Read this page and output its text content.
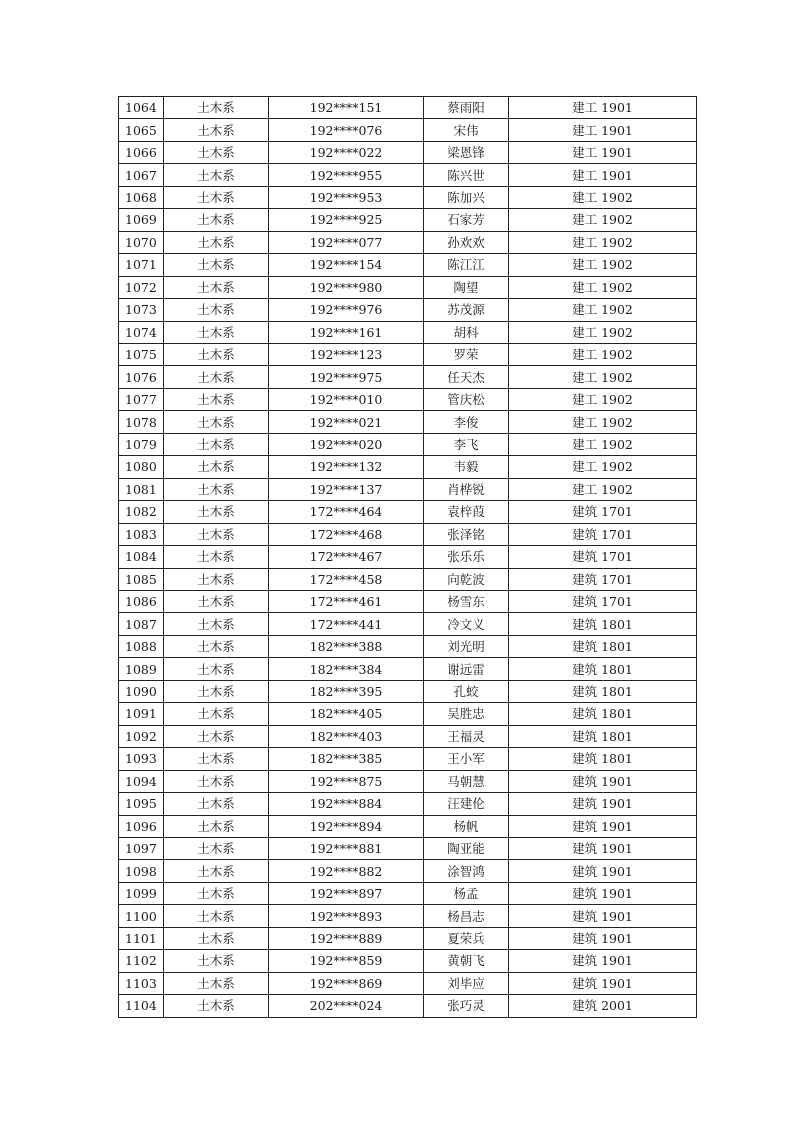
1064	土木系	192****151	蔡雨阳	建工 1901
1065	土木系	192****076	宋伟	建工 1901
1066	土木系	192****022	梁恩锋	建工 1901
1067	土木系	192****955	陈兴世	建工 1901
1068	土木系	192****953	陈加兴	建工 1902
1069	土木系	192****925	石家芳	建工 1902
1070	土木系	192****077	孙欢欢	建工 1902
1071	土木系	192****154	陈江江	建工 1902
1072	土木系	192****980	陶望	建工 1902
1073	土木系	192****976	苏茂源	建工 1902
1074	土木系	192****161	胡科	建工 1902
1075	土木系	192****123	罗荣	建工 1902
1076	土木系	192****975	任天杰	建工 1902
1077	土木系	192****010	管庆松	建工 1902
1078	土木系	192****021	李俊	建工 1902
1079	土木系	192****020	李飞	建工 1902
1080	土木系	192****132	韦毅	建工 1902
1081	土木系	192****137	肖桦锐	建工 1902
1082	土木系	172****464	袁梓葭	建筑 1701
1083	土木系	172****468	张泽铭	建筑 1701
1084	土木系	172****467	张乐乐	建筑 1701
1085	土木系	172****458	向乾波	建筑 1701
1086	土木系	172****461	杨雪东	建筑 1701
1087	土木系	172****441	冷文义	建筑 1801
1088	土木系	182****388	刘光明	建筑 1801
1089	土木系	182****384	谢远雷	建筑 1801
1090	土木系	182****395	孔蛟	建筑 1801
1091	土木系	182****405	吴胜忠	建筑 1801
1092	土木系	182****403	王福灵	建筑 1801
1093	土木系	182****385	王小军	建筑 1801
1094	土木系	192****875	马朝慧	建筑 1901
1095	土木系	192****884	汪建伦	建筑 1901
1096	土木系	192****894	杨帆	建筑 1901
1097	土木系	192****881	陶亚能	建筑 1901
1098	土木系	192****882	涂智鸿	建筑 1901
1099	土木系	192****897	杨孟	建筑 1901
1100	土木系	192****893	杨昌志	建筑 1901
1101	土木系	192****889	夏荣兵	建筑 1901
1102	土木系	192****859	黄朝飞	建筑 1901
1103	土木系	192****869	刘毕应	建筑 1901
1104	土木系	202****024	张巧灵	建筑 2001
